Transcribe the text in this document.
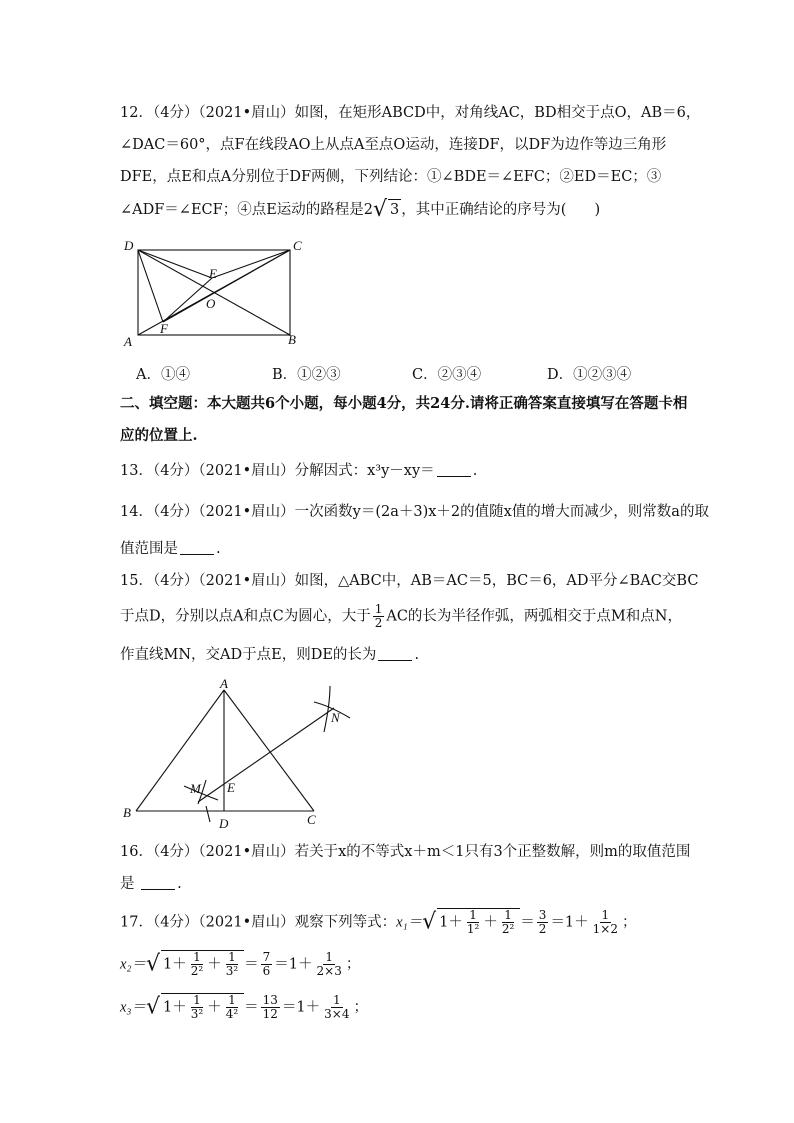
12．（4分）（2021•眉山）如图，在矩形ABCD中，对角线AC，BD相交于点O，AB＝6，
∠DAC＝60°，点F在线段AO上从点A至点O运动，连接DF，以DF为边作等边三角形
DFE，点E和点A分别位于DF两侧，下列结论：①∠BDE＝∠EFC；②ED＝EC；③
∠ADF＝∠ECF；④点E运动的路程是2√ 3 ，其中正确结论的序号为( )
D	C
E
O
F
A	B
A．①④	B．①②③	C．②③④	D．①②③④
二、填空题：本大题共6个小题，每小题4分，共24分.请将正确答案直接填写在答题卡相
应的位置上.
13．（4分）（2021•眉山）分解因式：x³y－xy＝	.
14．（4分）（2021•眉山）一次函数y＝(2a＋3)x＋2的值随x值的增大而减少，则常数a的取
值范围是	.
15．（4分）（2021•眉山）如图，△ABC中，AB＝AC＝5，BC＝6，AD平分∠BAC交BC
于点D，分别以点A和点C为圆心，大于 $\frac{1}{2}$ AC的长为半径作弧，两弧相交于点M和点N，
作直线MN，交AD于点E，则DE的长为	.
A
B	C
D
E
M
N
16．（4分）（2021•眉山）若关于x的不等式x＋m＜1只有3个正整数解，则m的取值范围
是	.
17．（4分）（2021•眉山）观察下列等式：x₁＝√ $1+ \frac{1}{\text{1²}} + \frac{1}{\text{2²}} = \frac{3}{2} =1+ \frac{1}{1\times 2}$ ；
x₂＝√ $1+ \frac{1}{\text{2²}} + \frac{1}{\text{3²}} = \frac{7}{6} =1+ \frac{1}{2\times 3}$ ；
x₃＝√ $1+ \frac{1}{\text{3²}} + \frac{1}{\text{4²}} = \frac{13}{12} =1+ \frac{1}{3\times 4}$ ；
